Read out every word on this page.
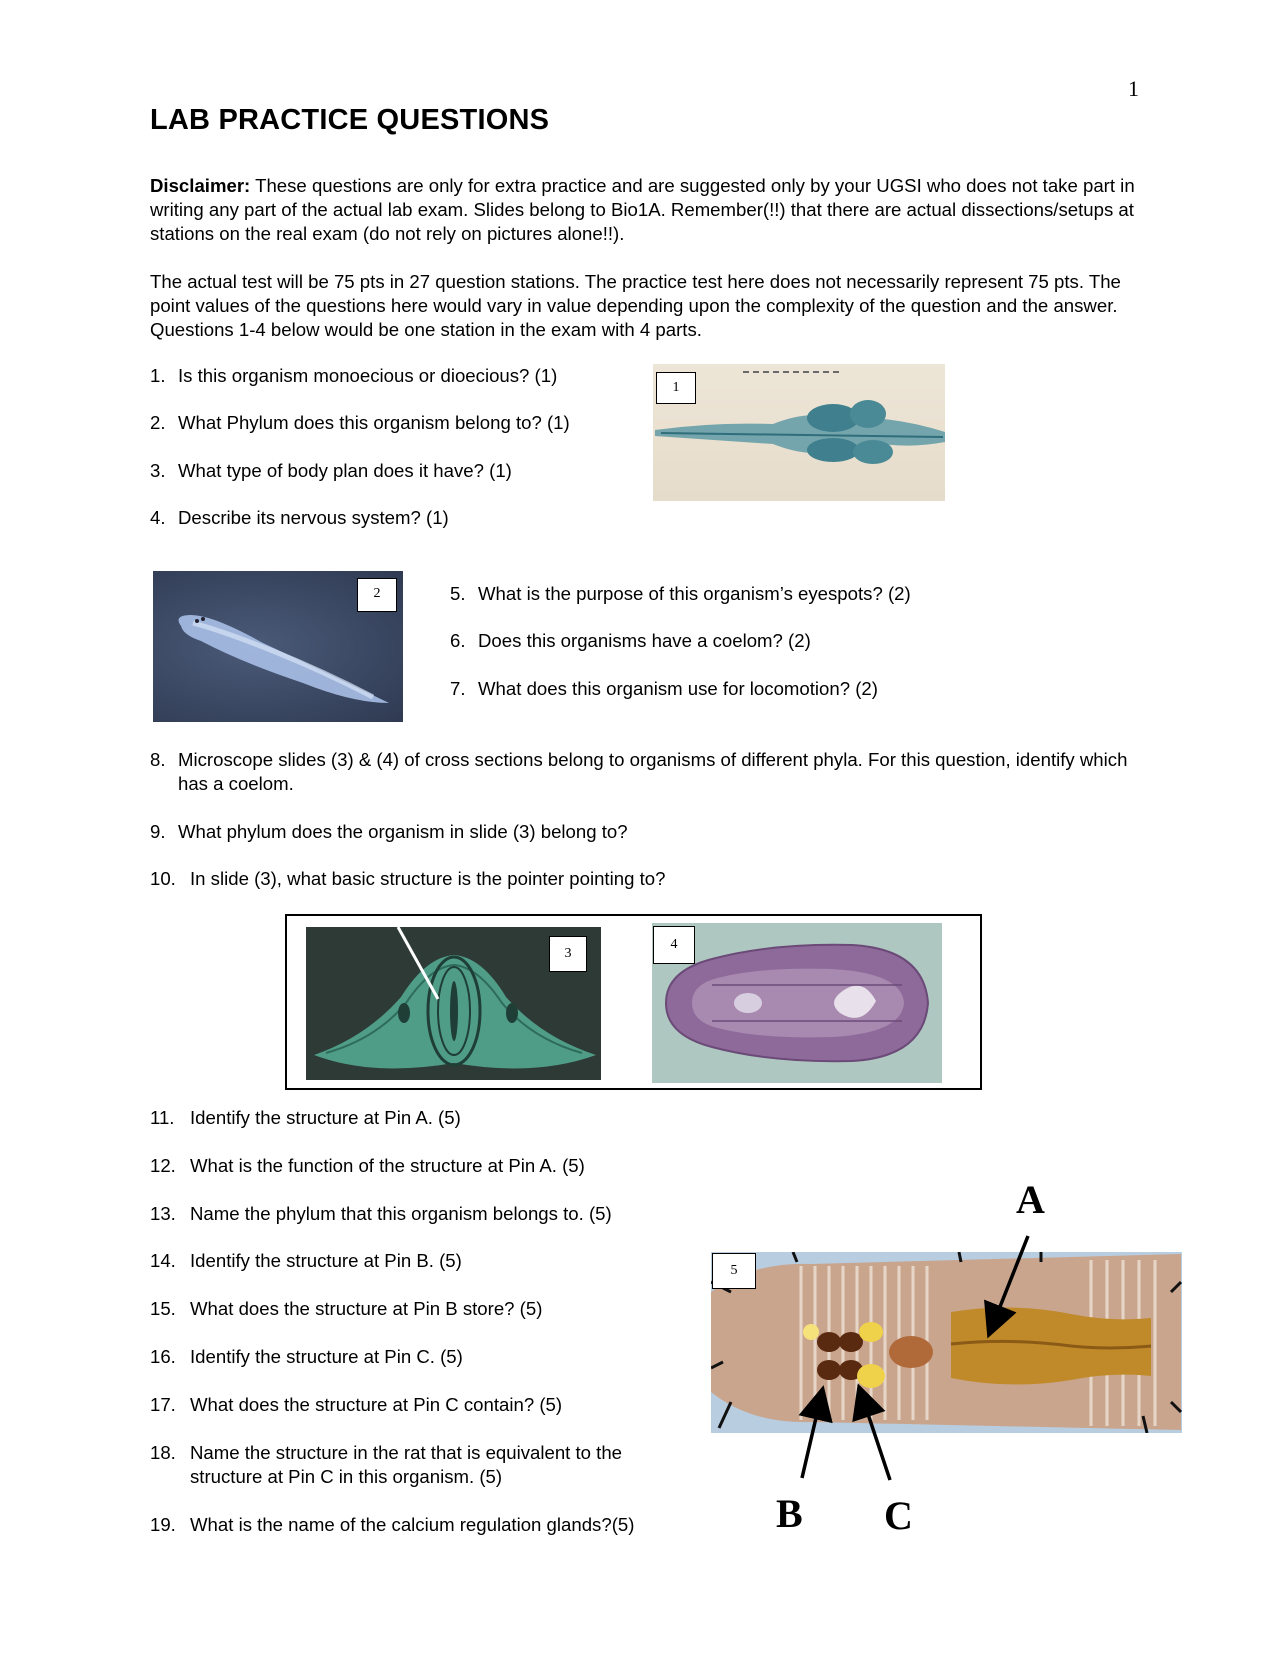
1
LAB PRACTICE QUESTIONS
Disclaimer: These questions are only for extra practice and are suggested only by your UGSI who does not take part in writing any part of the actual lab exam. Slides belong to Bio1A. Remember(!!) that there are actual dissections/setups at stations on the real exam (do not rely on pictures alone!!).
The actual test will be 75 pts in 27 question stations. The practice test here does not necessarily represent 75 pts. The point values of the questions here would vary in value depending upon the complexity of the question and the answer. Questions 1-4 below would be one station in the exam with 4 parts.
1. Is this organism monoecious or dioecious? (1)
2. What Phylum does this organism belong to? (1)
3. What type of body plan does it have? (1)
4. Describe its nervous system? (1)
1
2	5. What is the purpose of this organism’s eyespots? (2)
6. Does this organisms have a coelom? (2)
7. What does this organism use for locomotion? (2)
8. Microscope slides (3) & (4) of cross sections belong to organisms of different phyla. For this question, identify which has a coelom.
9. What phylum does the organism in slide (3) belong to?
10. In slide (3), what basic structure is the pointer pointing to?
3
4
11. Identify the structure at Pin A. (5)
12. What is the function of the structure at Pin A. (5)
13. Name the phylum that this organism belongs to. (5)
14. Identify the structure at Pin B. (5)
15. What does the structure at Pin B store? (5)
16. Identify the structure at Pin C. (5)
17. What does the structure at Pin C contain? (5)
18. Name the structure in the rat that is equivalent to the structure at Pin C in this organism. (5)
19. What is the name of the calcium regulation glands?(5)
5
A
B C
